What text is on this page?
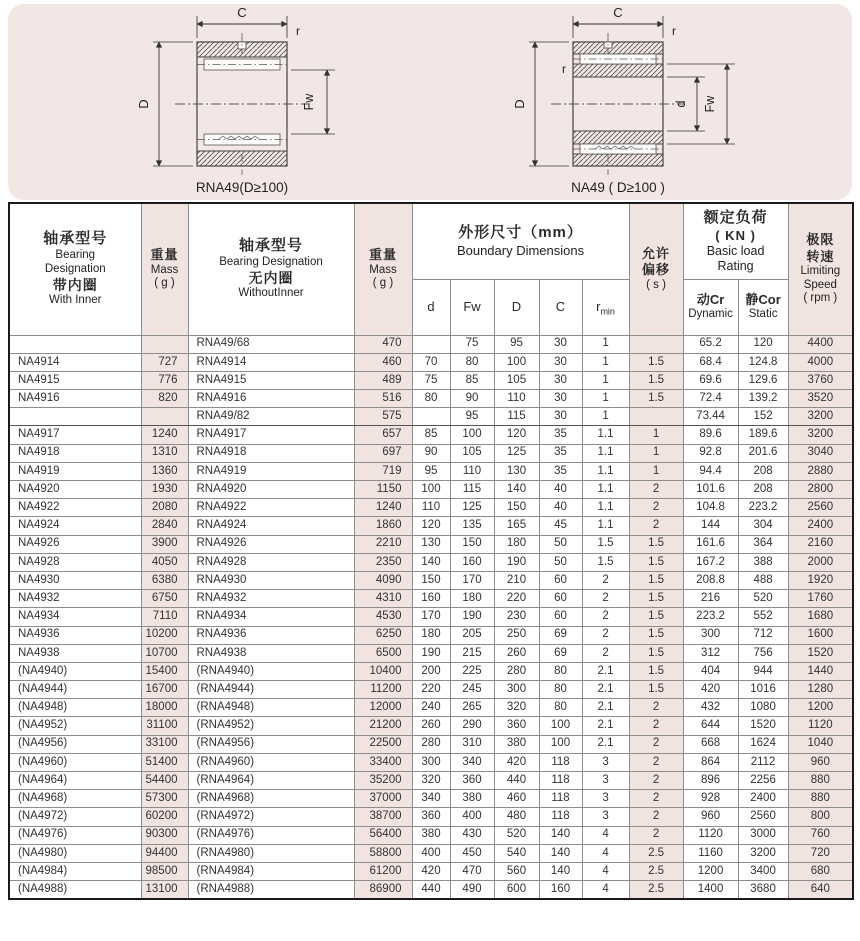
C
r
D	Fw
RNA49(D≥100)
C
r
r
D	d Fw
NA49 ( D≥100 )
轴承型号
Bearing
Designation
带内圈
With Inner

重量
Mass
( g )

轴承型号
Bearing Designation
无内圈
WithoutInner

重量
Mass
( g )

外形尺寸（mm）
Boundary Dimensions	允许
偏移
( s )

额定负荷
( KN )
Basic load
Rating

极限
转速
Limiting
Speed
( rpm )

d	Fw	D	C	$r_{min}$	
动Cr
Dynamic

静Cor
Static

		RNA49/68	470		75	95	30	1		65.2	120	4400
NA4914	727	RNA4914	460	70	80	100	30	1	1.5	68.4	124.8	4000
NA4915	776	RNA4915	489	75	85	105	30	1	1.5	69.6	129.6	3760
NA4916	820	RNA4916	516	80	90	110	30	1	1.5	72.4	139.2	3520
		RNA49/82	575		95	115	30	1		73.44	152	3200
NA4917	1240	RNA4917	657	85	100	120	35	1.1	1	89.6	189.6	3200
NA4918	1310	RNA4918	697	90	105	125	35	1.1	1	92.8	201.6	3040
NA4919	1360	RNA4919	719	95	110	130	35	1.1	1	94.4	208	2880
NA4920	1930	RNA4920	1150	100	115	140	40	1.1	2	101.6	208	2800
NA4922	2080	RNA4922	1240	110	125	150	40	1.1	2	104.8	223.2	2560
NA4924	2840	RNA4924	1860	120	135	165	45	1.1	2	144	304	2400
NA4926	3900	RNA4926	2210	130	150	180	50	1.5	1.5	161.6	364	2160
NA4928	4050	RNA4928	2350	140	160	190	50	1.5	1.5	167.2	388	2000
NA4930	6380	RNA4930	4090	150	170	210	60	2	1.5	208.8	488	1920
NA4932	6750	RNA4932	4310	160	180	220	60	2	1.5	216	520	1760
NA4934	7110	RNA4934	4530	170	190	230	60	2	1.5	223.2	552	1680
NA4936	10200	RNA4936	6250	180	205	250	69	2	1.5	300	712	1600
NA4938	10700	RNA4938	6500	190	215	260	69	2	1.5	312	756	1520
(NA4940)	15400	(RNA4940)	10400	200	225	280	80	2.1	1.5	404	944	1440
(NA4944)	16700	(RNA4944)	11200	220	245	300	80	2.1	1.5	420	1016	1280
(NA4948)	18000	(RNA4948)	12000	240	265	320	80	2.1	2	432	1080	1200
(NA4952)	31100	(RNA4952)	21200	260	290	360	100	2.1	2	644	1520	1120
(NA4956)	33100	(RNA4956)	22500	280	310	380	100	2.1	2	668	1624	1040
(NA4960)	51400	(RNA4960)	33400	300	340	420	118	3	2	864	2112	960
(NA4964)	54400	(RNA4964)	35200	320	360	440	118	3	2	896	2256	880
(NA4968)	57300	(RNA4968)	37000	340	380	460	118	3	2	928	2400	880
(NA4972)	60200	(RNA4972)	38700	360	400	480	118	3	2	960	2560	800
(NA4976)	90300	(RNA4976)	56400	380	430	520	140	4	2	1120	3000	760
(NA4980)	94400	(RNA4980)	58800	400	450	540	140	4	2.5	1160	3200	720
(NA4984)	98500	(RNA4984)	61200	420	470	560	140	4	2.5	1200	3400	680
(NA4988)	13100	(RNA4988)	86900	440	490	600	160	4	2.5	1400	3680	640
